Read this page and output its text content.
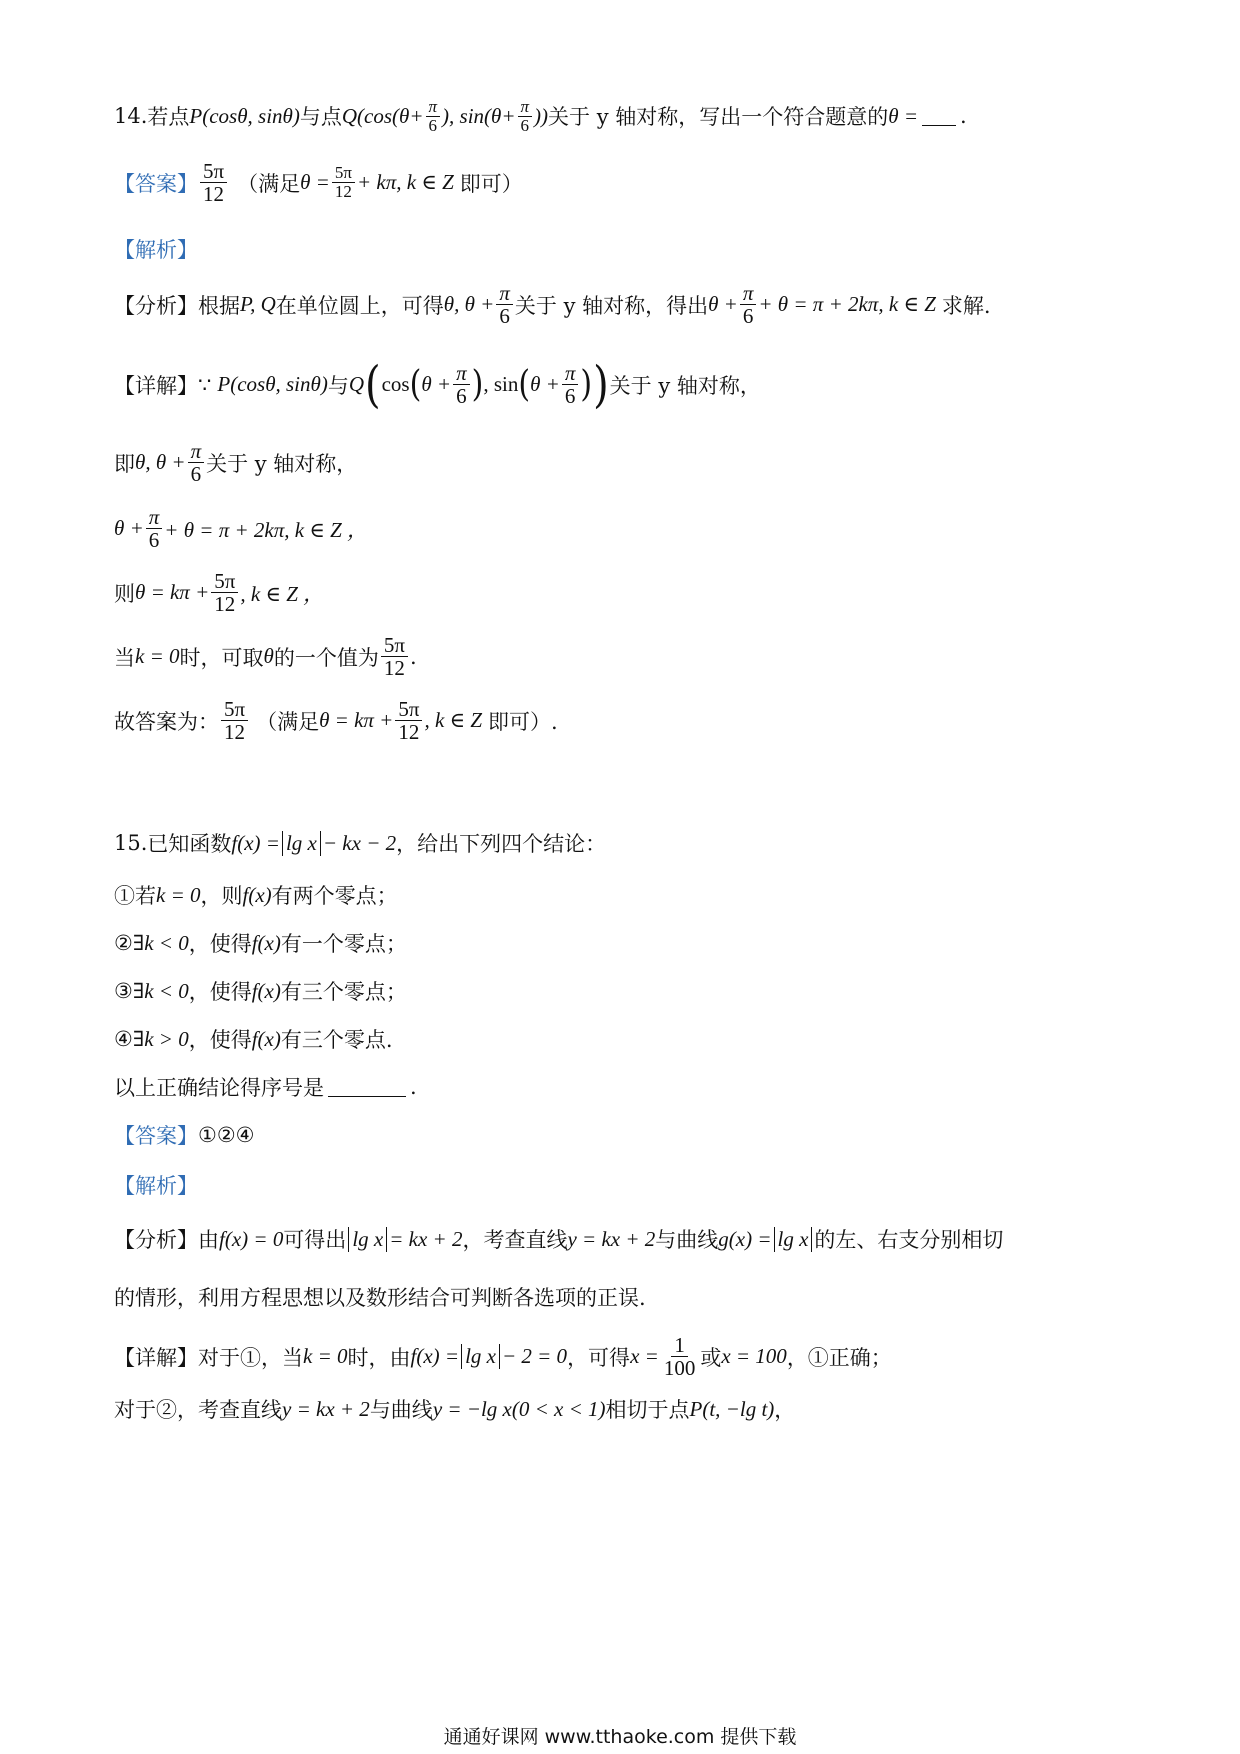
14. 若点 P(cosθ, sinθ) 与点 $Q(\cos(\theta+ \frac{\pi}{6}$ ), $\sin(\theta+ \frac{\pi}{6}$ )) 关于 y 轴对称，写出一个符合题意的 θ = .
【答案】 $\frac{5\pi}{12}$ （满足 $\theta = \frac{5\pi}{12} + k\pi$, k ∈ Z 即可）
【解析】
【分析】 根据 P, Q 在单位圆上，可得 θ, $\theta + \frac{\pi}{6}$ 关于 y 轴对称，得出 $\theta + \frac{\pi}{6} + \theta = \pi + 2k\pi$, k ∈ Z 求解.
【详解】 ∵ P(cosθ, sinθ) 与 Q ( cos ( $\theta + \frac{\pi}{6}$ ) , sin ( $\theta + \frac{\pi}{6}$ ) ) 关于 y 轴对称，
即 θ, $\theta + \frac{\pi}{6}$ 关于 y 轴对称，
$\theta + \frac{\pi}{6} + \theta = \pi + 2k\pi$, k ∈ Z ，
则 $\theta = k\pi + \frac{5\pi}{12}$ , k ∈ Z ，
当 k = 0 时，可取 θ 的一个值为 $\frac{5\pi}{12}$ .
故答案为： $\frac{5\pi}{12}$ （满足 $\theta = k\pi + \frac{5\pi}{12}$ , k ∈ Z 即可）.
15. 已知函数 f(x) = lg x − kx − 2 ，给出下列四个结论：
①若 k = 0 ，则 f(x) 有两个零点；
② ∃k < 0 ，使得 f(x) 有一个零点；
③ ∃k < 0 ，使得 f(x) 有三个零点；
④ ∃k > 0 ，使得 f(x) 有三个零点.
以上正确结论得序号是	.
【答案】 ①②④
【解析】
【分析】 由 f(x) = 0 可得出 lg x = kx + 2 ，考查直线 y = kx + 2 与曲线 g(x) = lg x 的左、右支分别相切
的情形，利用方程思想以及数形结合可判断各选项的正误.
【详解】 对于①，当 k = 0 时，由 f(x) = lg x − 2 = 0 ，可得 $x = \frac{1}{100}$ 或 x = 100 ，①正确；
对于②，考查直线 y = kx + 2 与曲线 y = −lg x(0 < x < 1) 相切于点 P(t, −lg t) ，
通通好课网 www.tthaoke.com 提供下载
